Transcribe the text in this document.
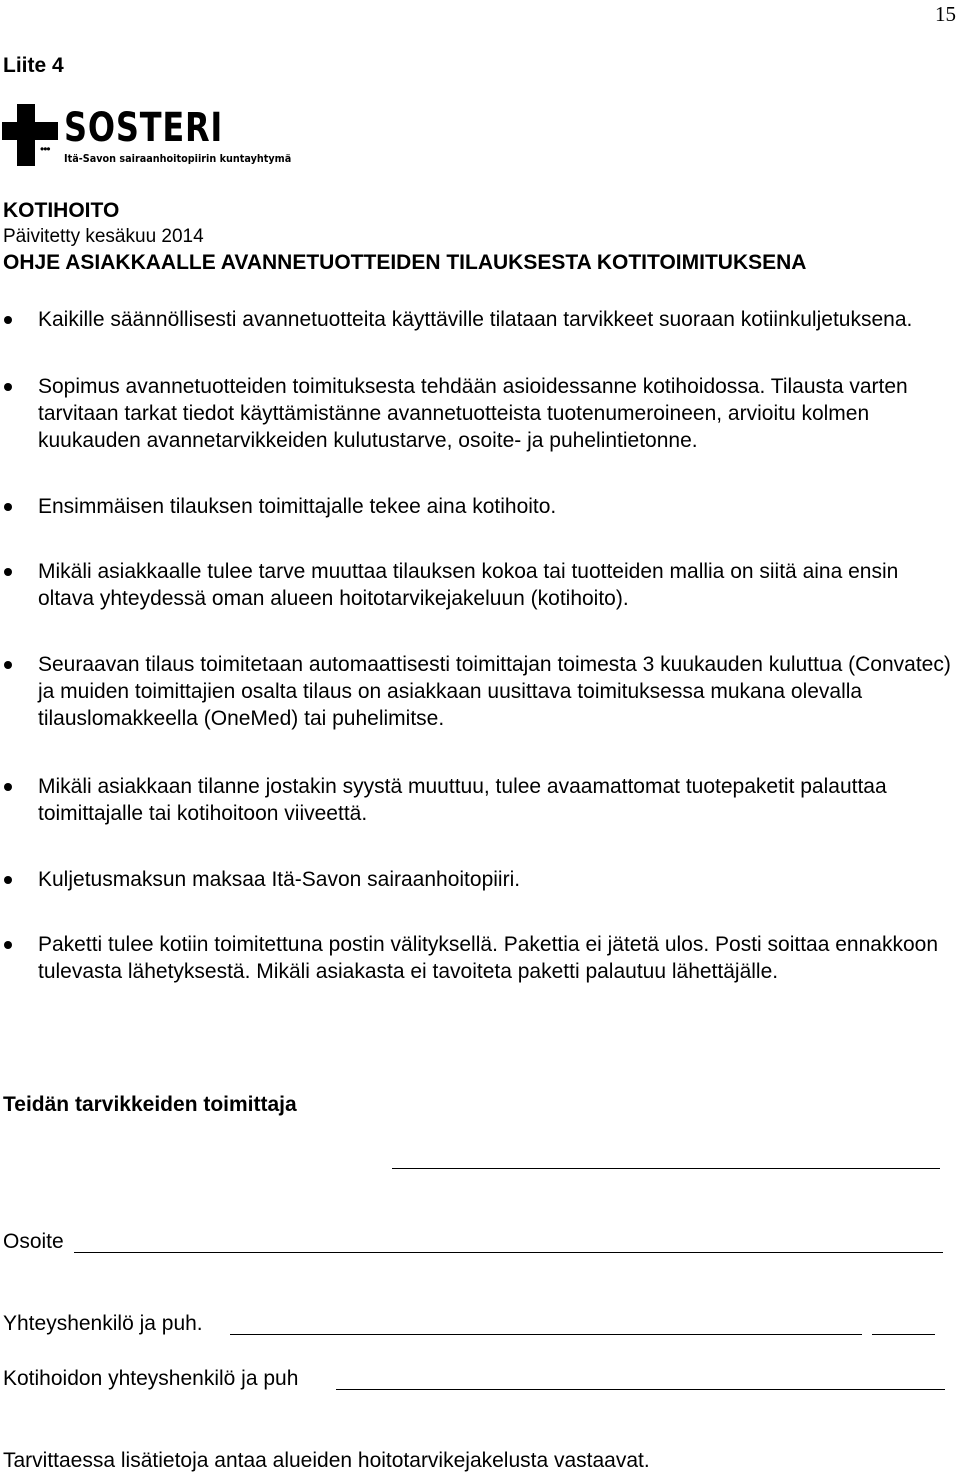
15
Liite 4
••• SOSTERI
Itä-Savon sairaanhoitopiirin kuntayhtymä
KOTIHOITO
Päivitetty kesäkuu 2014
OHJE ASIAKKAALLE AVANNETUOTTEIDEN TILAUKSESTA KOTITOIMITUKSENA
Kaikille säännöllisesti avannetuotteita käyttäville tilataan tarvikkeet suoraan kotiinkuljetuksena.
Sopimus avannetuotteiden toimituksesta tehdään asioidessanne kotihoidossa. Tilausta varten tarvitaan tarkat tiedot käyttämistänne avannetuotteista tuotenumeroineen, arvioitu kolmen kuukauden avannetarvikkeiden kulutustarve, osoite- ja puhelintietonne.
Ensimmäisen tilauksen toimittajalle tekee aina kotihoito.
Mikäli asiakkaalle tulee tarve muuttaa tilauksen kokoa tai tuotteiden mallia on siitä aina ensin oltava yhteydessä oman alueen hoitotarvikejakeluun (kotihoito).
Seuraavan tilaus toimitetaan automaattisesti toimittajan toimesta 3 kuukauden kuluttua (Convatec) ja muiden toimittajien osalta tilaus on asiakkaan uusittava toimituksessa mukana olevalla tilauslomakkeella (OneMed) tai puhelimitse.
Mikäli asiakkaan tilanne jostakin syystä muuttuu, tulee avaamattomat tuotepaketit palauttaa toimittajalle tai kotihoitoon viiveettä.
Kuljetusmaksun maksaa Itä-Savon sairaanhoitopiiri.
Paketti tulee kotiin toimitettuna postin välityksellä. Pakettia ei jätetä ulos. Posti soittaa ennakkoon tulevasta lähetyksestä. Mikäli asiakasta ei tavoiteta paketti palautuu lähettäjälle.
Teidän tarvikkeiden toimittaja
Osoite
Yhteyshenkilö ja puh.
Kotihoidon yhteyshenkilö ja puh
Tarvittaessa lisätietoja antaa alueiden hoitotarvikejakelusta vastaavat.
